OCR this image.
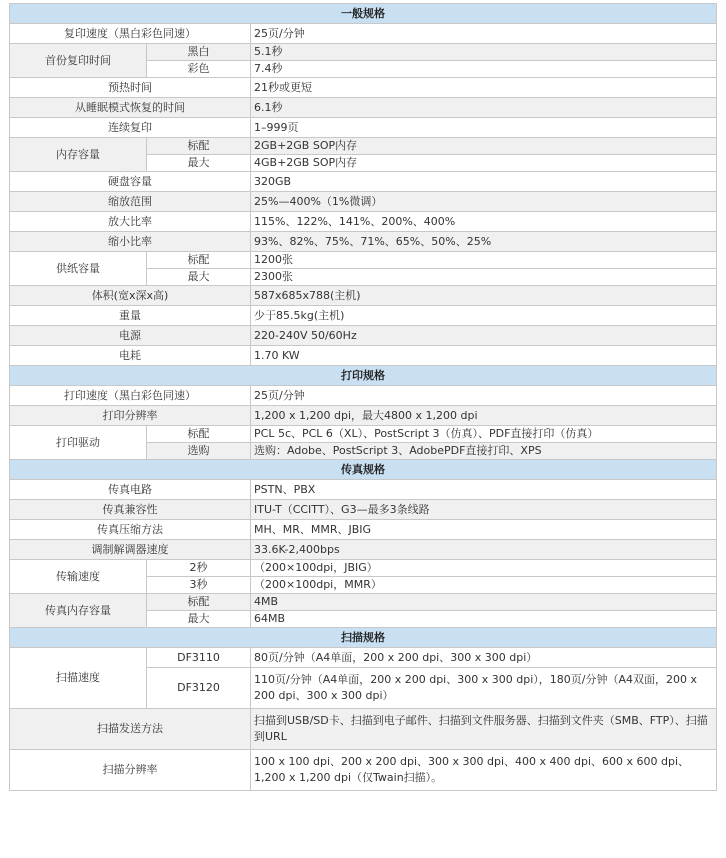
一般规格		
复印速度（黑白彩色同速）		25页/分钟
首份复印时间	黑白	5.1秒
	彩色	7.4秒
预热时间		21秒或更短
从睡眠模式恢复的时间		6.1秒
连续复印		1–999页
内存容量	标配	2GB+2GB SOP内存
	最大	4GB+2GB SOP内存
硬盘容量		320GB
缩放范围		25%—400%（1%微调）
放大比率		115%、122%、141%、200%、400%
缩小比率		93%、82%、75%、71%、65%、50%、25%
供纸容量	标配	1200张
	最大	2300张
体积(宽x深x高)		587x685x788(主机)
重量		少于85.5kg(主机)
电源		220-240V 50/60Hz
电耗		1.70 KW
打印规格		
打印速度（黑白彩色同速）		25页/分钟
打印分辨率		1,200 x 1,200 dpi，最大4800 x 1,200 dpi
打印驱动	标配	PCL 5c、PCL 6（XL）、PostScript 3（仿真）、PDF直接打印（仿真）
	选购	选购：Adobe、PostScript 3、AdobePDF直接打印、XPS
传真规格		
传真电路		PSTN、PBX
传真兼容性		ITU-T（CCITT）、G3—最多3条线路
传真压缩方法		MH、MR、MMR、JBIG
调制解调器速度		33.6K-2,400bps
传输速度	2秒	（200×100dpi，JBIG）
	3秒	（200×100dpi，MMR）
传真内存容量	标配	4MB
	最大	64MB
扫描规格		
扫描速度	DF3110	80页/分钟（A4单面，200 x 200 dpi、300 x 300 dpi）
	DF3120	110页/分钟（A4单面，200 x 200 dpi、300 x 300 dpi），180页/分钟（A4双面，200 x 200 dpi、300 x 300 dpi）
扫描发送方法		扫描到USB/SD卡、扫描到电子邮件、扫描到文件服务器、扫描到文件夹（SMB、FTP）、扫描到URL
扫描分辨率		100 x 100 dpi、200 x 200 dpi、300 x 300 dpi、400 x 400 dpi、600 x 600 dpi、1,200 x 1,200 dpi（仅Twain扫描）。
